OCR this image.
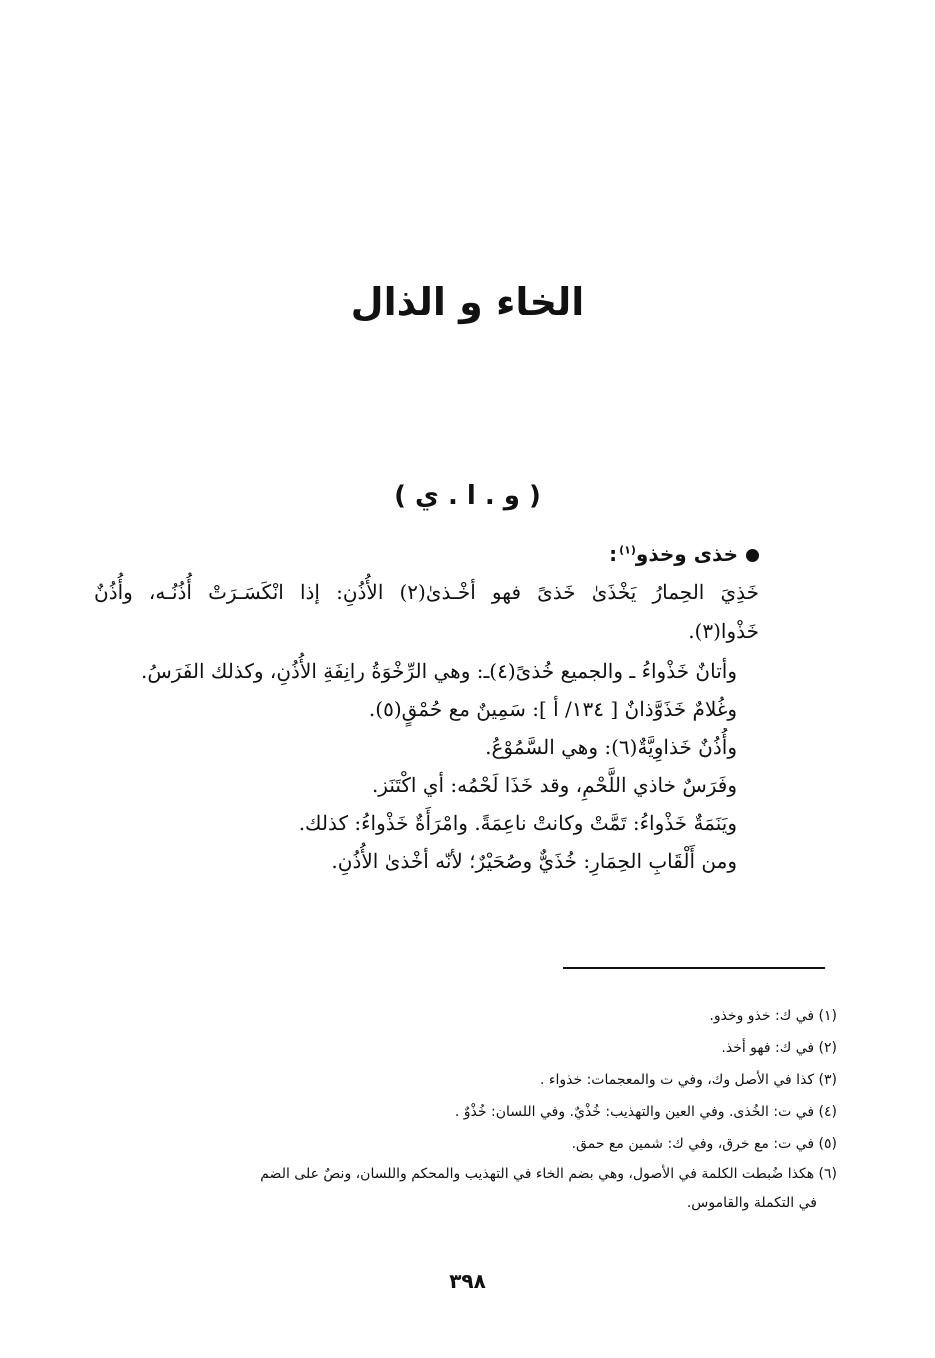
الخاء و الذال
( و . ا . ي )
خذى وخذو$^{(١)}$:
خَذِيَ الحِمارُ يَخْذَىٰ خَذىً فهو أخْـذىٰ(٢) الأُذُنِ: إذا انْكَسَـرَتْ أُذُنُـه، وأُذُنٌ
خَذْوا(٣).
وأتانٌ خَذْواءُ ـ والجميع خُذىً(٤)ـ: وهي الرِّخْوَةُ رانِفَةِ الأُذُنِ، وكذلك الفَرَسُ.
وغُلامٌ خَذَوَّذانٌ [ ١٣٤/ أ ]: سَمِينٌ مع حُمْقٍ(٥).
وأُذُنٌ خَذاوِيَّةٌ(٦): وهي السَّمُوْعُ.
وفَرَسٌ خاذي اللَّحْمِ، وقد خَذَا لَحْمُه: أي اكْتَنَز.
ويَنَمَةٌ خَذْواءُ: تَمَّتْ وكانتْ ناعِمَةً. وامْرَأَةٌ خَذْواءُ: كذلك.
ومن أَلْقَابِ الحِمَارِ: خُذَيٌّ وصُحَيْرٌ؛ لأنّه أخْذىٰ الأُذُنِ.
(١) في ك: خذو وخذو.
(٢) في ك: فهو أخذ.
(٣) كذا في الأصل وك، وفي ت والمعجمات: خذواء .
(٤) في ت: الخُذى. وفي العين والتهذيب: خُذْيٌ. وفي اللسان: خُذْوٌ .
(٥) في ت: مع خرق، وفي ك: شمين مع حمق.
(٦) هكذا ضُبطت الكلمة في الأصول، وهي بضم الخاء في التهذيب والمحكم واللسان، ونصٌ على الضم
في التكملة والقاموس.
٣٩٨
